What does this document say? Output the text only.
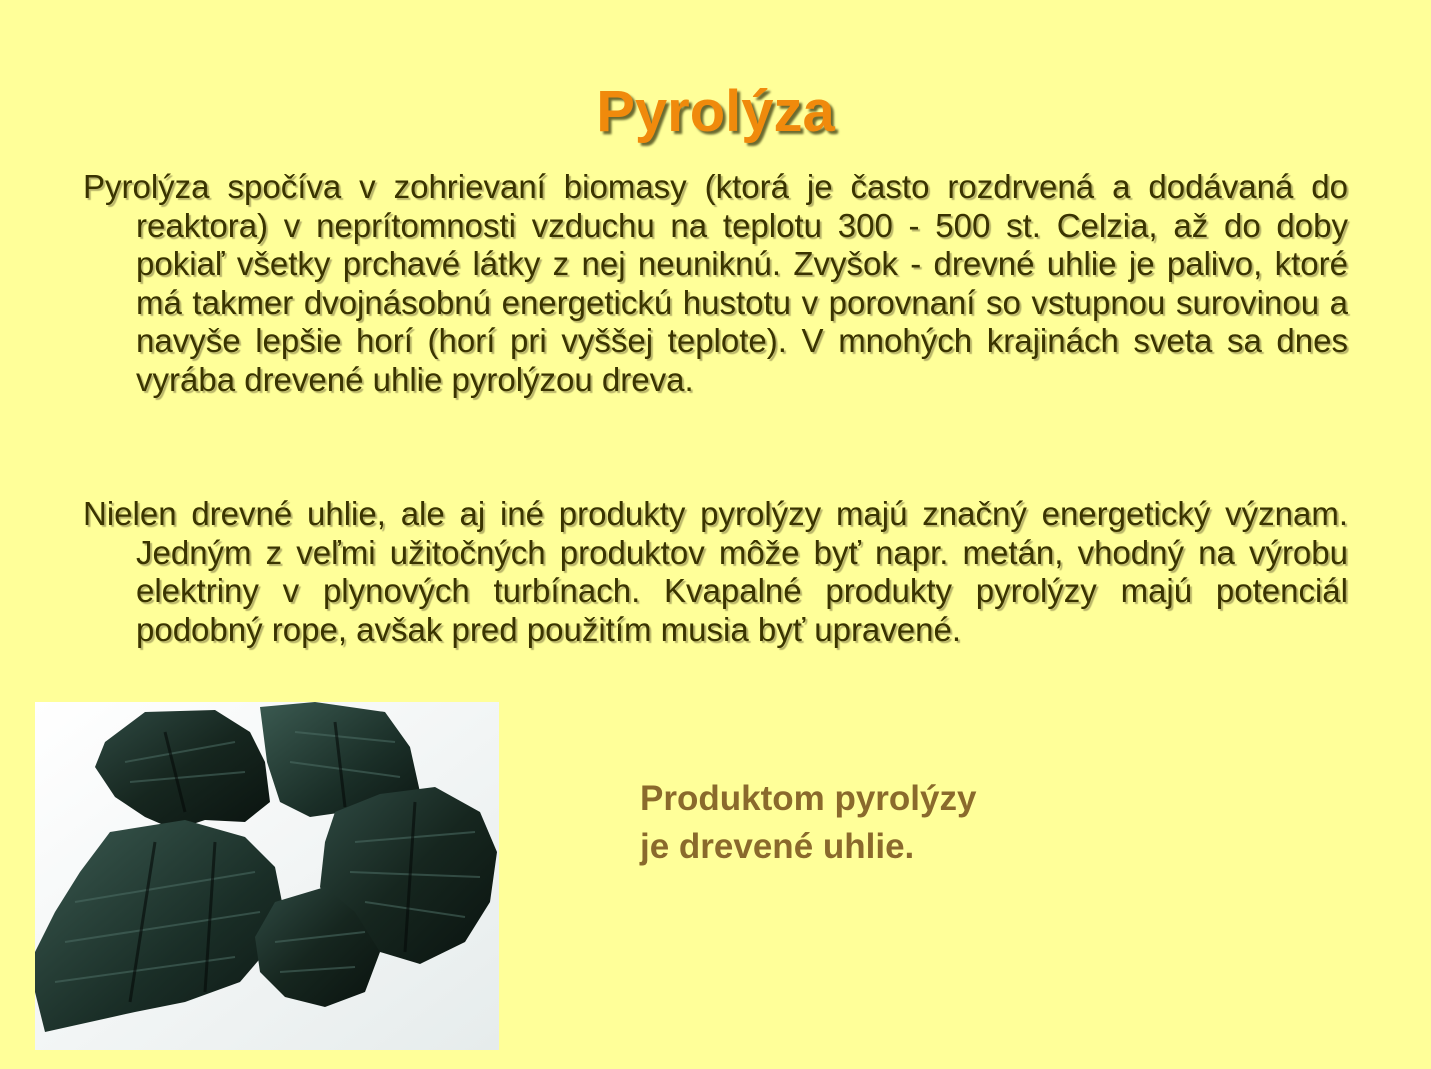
Pyrolýza

Pyrolýza spočíva v zohrievaní biomasy (ktorá je často rozdrvená a dodávaná do reaktora) v neprítomnosti vzduchu na teplotu 300 - 500 st. Celzia, až do doby pokiaľ všetky prchavé látky z nej neuniknú. Zvyšok - drevné uhlie je palivo, ktoré má takmer dvojnásobnú energetickú hustotu v porovnaní so vstupnou surovinou a navyše lepšie horí (horí pri vyššej teplote). V mnohých krajinách sveta sa dnes vyrába drevené uhlie pyrolýzou dreva.

Nielen drevné uhlie, ale aj iné produkty pyrolýzy majú značný energetický význam. Jedným z veľmi užitočných produktov môže byť napr. metán, vhodný na výrobu elektriny v plynových turbínach. Kvapalné produkty pyrolýzy majú potenciál podobný rope, avšak pred použitím musia byť upravené.

Produktom pyrolýzy
je drevené uhlie.
